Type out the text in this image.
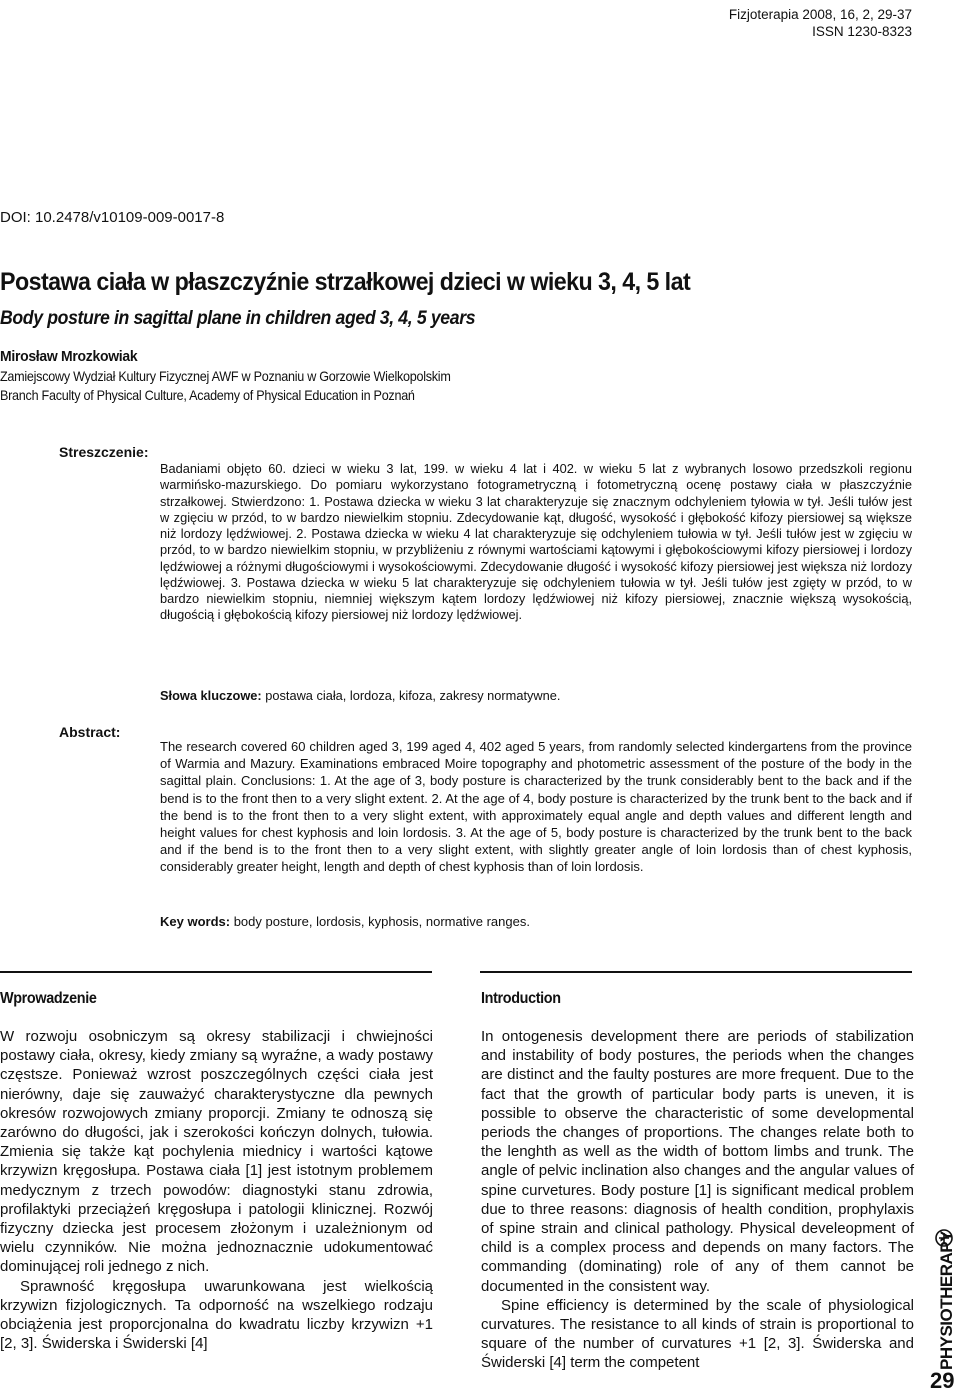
Fizjoterapia 2008, 16, 2, 29-37
ISSN 1230-8323
DOI: 10.2478/v10109-009-0017-8
Postawa ciała w płaszczyźnie strzałkowej dzieci w wieku 3, 4, 5 lat
Body posture in sagittal plane in children aged 3, 4, 5 years
Mirosław Mrozkowiak
Zamiejscowy Wydział Kultury Fizycznej AWF w Poznaniu w Gorzowie Wielkopolskim
Branch Faculty of Physical Culture, Academy of Physical Education in Poznań
Streszczenie:
Badaniami objęto 60. dzieci w wieku 3 lat, 199. w wieku 4 lat i 402. w wieku 5 lat z wybranych losowo przedszkoli regionu warmińsko-mazurskiego. Do pomiaru wykorzystano fotogrametryczną i fotometryczną ocenę postawy ciała w płaszczyźnie strzałkowej. Stwierdzono: 1. Postawa dziecka w wieku 3 lat charakteryzuje się znacznym odchyleniem tyłowia w tył. Jeśli tułów jest w zgięciu w przód, to w bardzo niewielkim stopniu. Zdecydowanie kąt, długość, wysokość i głębokość kifozy piersiowej są większe niż lordozy lędźwiowej. 2. Postawa dziecka w wieku 4 lat charakteryzuje się odchyleniem tułowia w tył. Jeśli tułów jest w zgięciu w przód, to w bardzo niewielkim stopniu, w przybliżeniu z równymi wartościami kątowymi i głębokościowymi kifozy piersiowej i lordozy lędźwiowej a różnymi długościowymi i wysokościowymi. Zdecydowanie długość i wysokość kifozy piersiowej jest większa niż lordozy lędźwiowej. 3. Postawa dziecka w wieku 5 lat charakteryzuje się odchyleniem tułowia w tył. Jeśli tułów jest zgięty w przód, to w bardzo niewielkim stopniu, niemniej większym kątem lordozy lędźwiowej niż kifozy piersiowej, znacznie większą wysokością, długością i głębokością kifozy piersiowej niż lordozy lędźwiowej.
Słowa kluczowe: postawa ciała, lordoza, kifoza, zakresy normatywne.
Abstract:
The research covered 60 children aged 3, 199 aged 4, 402 aged 5 years, from randomly selected kindergartens from the province of Warmia and Mazury. Examinations embraced Moire topography and photometric assessment of the posture of the body in the sagittal plain. Conclusions: 1. At the age of 3, body posture is characterized by the trunk considerably bent to the back and if the bend is to the front then to a very slight extent. 2. At the age of 4, body posture is characterized by the trunk bent to the back and if the bend is to the front then to a very slight extent, with approximately equal angle and depth values and different length and height values for chest kyphosis and loin lordosis. 3. At the age of 5, body posture is characterized by the trunk bent to the back and if the bend is to the front then to a very slight extent, with slightly greater angle of loin lordosis than of chest kyphosis, considerably greater height, length and depth of chest kyphosis than of loin lordosis.
Key words: body posture, lordosis, kyphosis, normative ranges.
Wprowadzenie	Introduction

W rozwoju osobniczym są okresy stabilizacji i chwiejności postawy ciała, okresy, kiedy zmiany są wyraźne, a wady postawy częstsze. Ponieważ wzrost poszczególnych części ciała jest nierówny, daje się zauważyć charakterystyczne dla pewnych okresów rozwojowych zmiany proporcji. Zmiany te odnoszą się zarówno do długości, jak i szerokości kończyn dolnych, tułowia. Zmienia się także kąt pochylenia miednicy i wartości kątowe krzywizn kręgosłupa. Postawa ciała [1] jest istotnym problemem medycznym z trzech powodów: diagnostyki stanu zdrowia, profilaktyki przeciążeń kręgosłupa i patologii klinicznej. Rozwój fizyczny dziecka jest procesem złożonym i uzależnionym od wielu czynników. Nie można jednoznacznie udokumentować dominującej roli jednego z nich.

Sprawność kręgosłupa uwarunkowana jest wielkością krzywizn fizjologicznych. Ta odporność na wszelkiego rodzaju obciążenia jest proporcjonalna do kwadratu liczby krzywizn +1 [2, 3]. Świderska i Świderski [4]

In ontogenesis development there are periods of stabilization and instability of body postures, the periods when the changes are distinct and the faulty postures are more frequent. Due to the fact that the growth of particular body parts is uneven, it is possible to observe the characteristic of some developmental periods the changes of proportions. The changes relate both to the lenghth as well as the width of bottom limbs and trunk. The angle of pelvic inclination also changes and the angular values of spine curvetures. Body posture [1] is significant medical problem due to three reasons: diagnosis of health condition, prophylaxis of spine strain and clinical pathology. Physical develeopment of child is a complex process and depends on many factors. The commanding (dominating) role of any of them cannot be documented in the consistent way.

Spine efficiency is determined by the scale of physiological curvatures. The resistance to all kinds of strain is proportional to square of the number of curvatures +1 [2, 3]. Świderska and Świderski [4] term the competent	PHYSIOTHERAPY
29
